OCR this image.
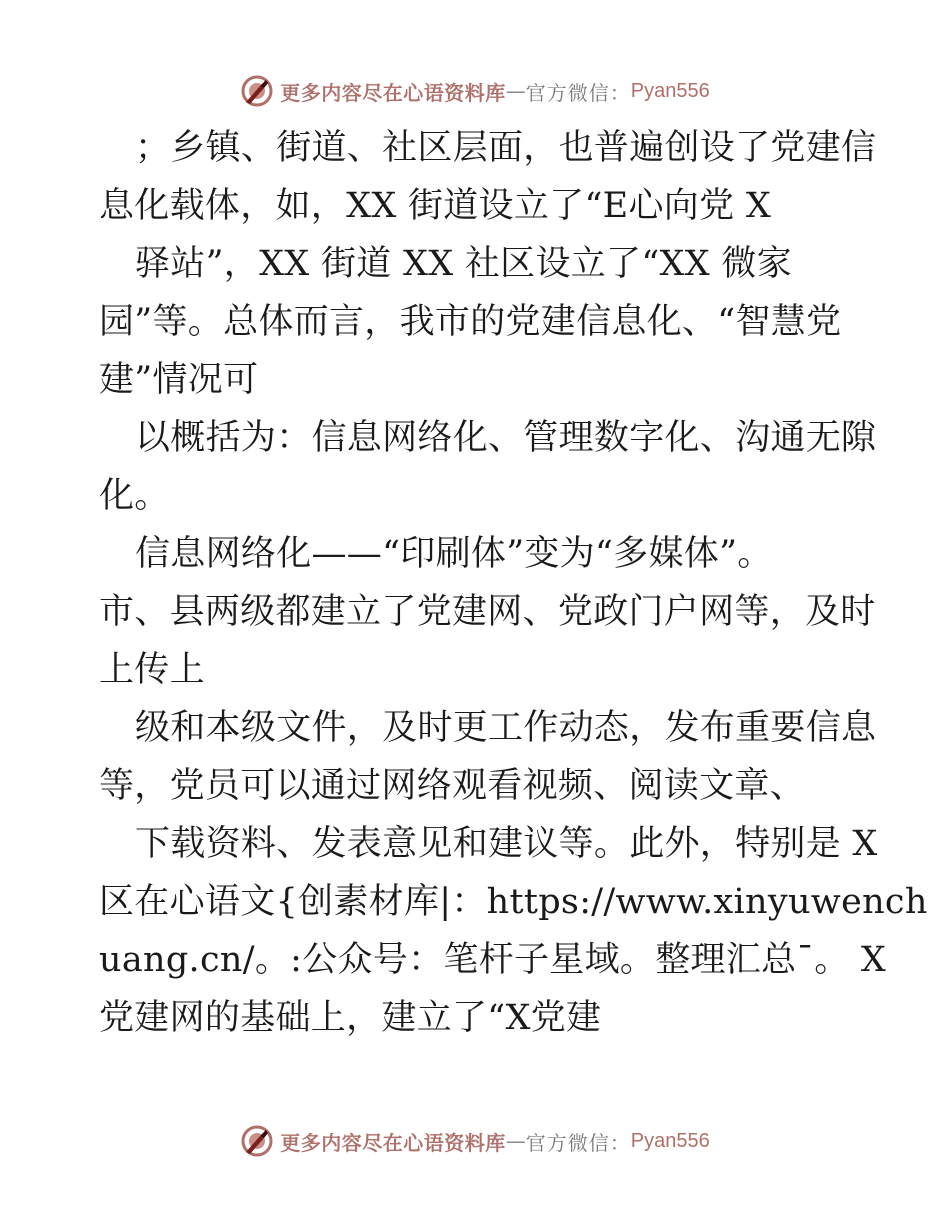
更多内容尽在心语资料库 — 官方微信： Pyan556
；乡镇、街道、社区层面，也普遍创设了党建信
息化载体，如，XX 街道设立了“E心向党 X
驿站”，XX 街道 XX 社区设立了“XX 微家
园”等。总体而言，我市的党建信息化、“智慧党
建”情况可
以概括为：信息网络化、管理数字化、沟通无隙
化。
信息网络化——“印刷体”变为“多媒体”。
市、县两级都建立了党建网、党政门户网等，及时
上传上
级和本级文件，及时更工作动态，发布重要信息
等，党员可以通过网络观看视频、阅读文章、
下载资料、发表意见和建议等。此外，特别是 X
区在心语文{创素材库|：https://www.xinyuwench
uang.cn/。:公众号：笔杆子星域。整理汇总¯。 X
党建网的基础上，建立了“X党建
更多内容尽在心语资料库 — 官方微信： Pyan556
